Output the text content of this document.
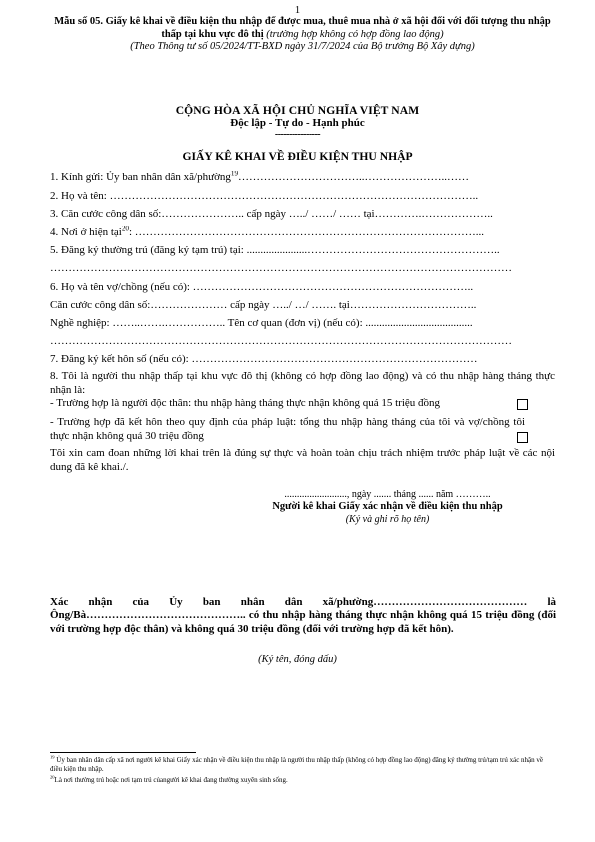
1
Mẫu số 05. Giấy kê khai về điều kiện thu nhập để được mua, thuê mua nhà ở xã hội đối với đối tượng thu nhập thấp tại khu vực đô thị (trường hợp không có hợp đồng lao động)
(Theo Thông tư số 05/2024/TT-BXD ngày 31/7/2024 của Bộ trưởng Bộ Xây dựng)
CỘNG HÒA XÃ HỘI CHỦ NGHĨA VIỆT NAM
Độc lập - Tự do - Hạnh phúc
----------------
GIẤY KÊ KHAI VỀ ĐIỀU KIỆN THU NHẬP
1. Kính gửi: Ủy ban nhân dân xã/phường$^{19}$……………………………..…………………..……
2. Họ và tên: ………………………………………………………………………………………..
3. Căn cước công dân số:………………….. cấp ngày …../ ……/ …… tại………….………………..
4. Nơi ở hiện tại$^{20}$: …………………………………………………………………………………...
5. Đăng ký thường trú (đăng ký tạm trú) tại: ......................……………………………………………..
………………………………………………………………………………………………………………
6. Họ và tên vợ/chồng (nếu có): …………………………………………………………………..
Căn cước công dân số:………………… cấp ngày …../ …/ ……. tại……………………………..
Nghề nghiệp: ……..…….…………….. Tên cơ quan (đơn vị) (nếu có): .......................................
………………………………………………………………………………………………………………
7. Đăng ký kết hôn số (nếu có): ……………………………………………………………………
8. Tôi là người thu nhập thấp tại khu vực đô thị (không có hợp đồng lao động) và có thu nhập hàng tháng thực nhận là:
- Trường hợp là người độc thân: thu nhập hàng tháng thực nhận không quá 15 triệu đồng
- Trường hợp đã kết hôn theo quy định của pháp luật: tổng thu nhập hàng tháng của tôi và vợ/chồng tôi thực nhận không quá 30 triệu đồng
Tôi xin cam đoan những lời khai trên là đúng sự thực và hoàn toàn chịu trách nhiệm trước pháp luật về các nội dung đã kê khai./.
........................., ngày ....... tháng ...... năm ………..
Người kê khai Giấy xác nhận về điều kiện thu nhập
(Ký và ghi rõ họ tên)
Xác nhận của Ủy ban nhân dân xã/phường…………………………………… là Ông/Bà…………………………………….. có thu nhập hàng tháng thực nhận không quá 15 triệu đồng (đối với trường hợp độc thân) và không quá 30 triệu đồng (đối với trường hợp đã kết hôn).
(Ký tên, đóng dấu)
$^{19}$ Ủy ban nhân dân cấp xã nơi người kê khai Giấy xác nhận về điều kiện thu nhập là người thu nhập thấp (không có hợp đồng lao động) đăng ký thường trú/tạm trú xác nhận về điều kiện thu nhập.
$^{20}$Là nơi thường trú hoặc nơi tạm trú củangười kê khai đang thường xuyên sinh sống.
